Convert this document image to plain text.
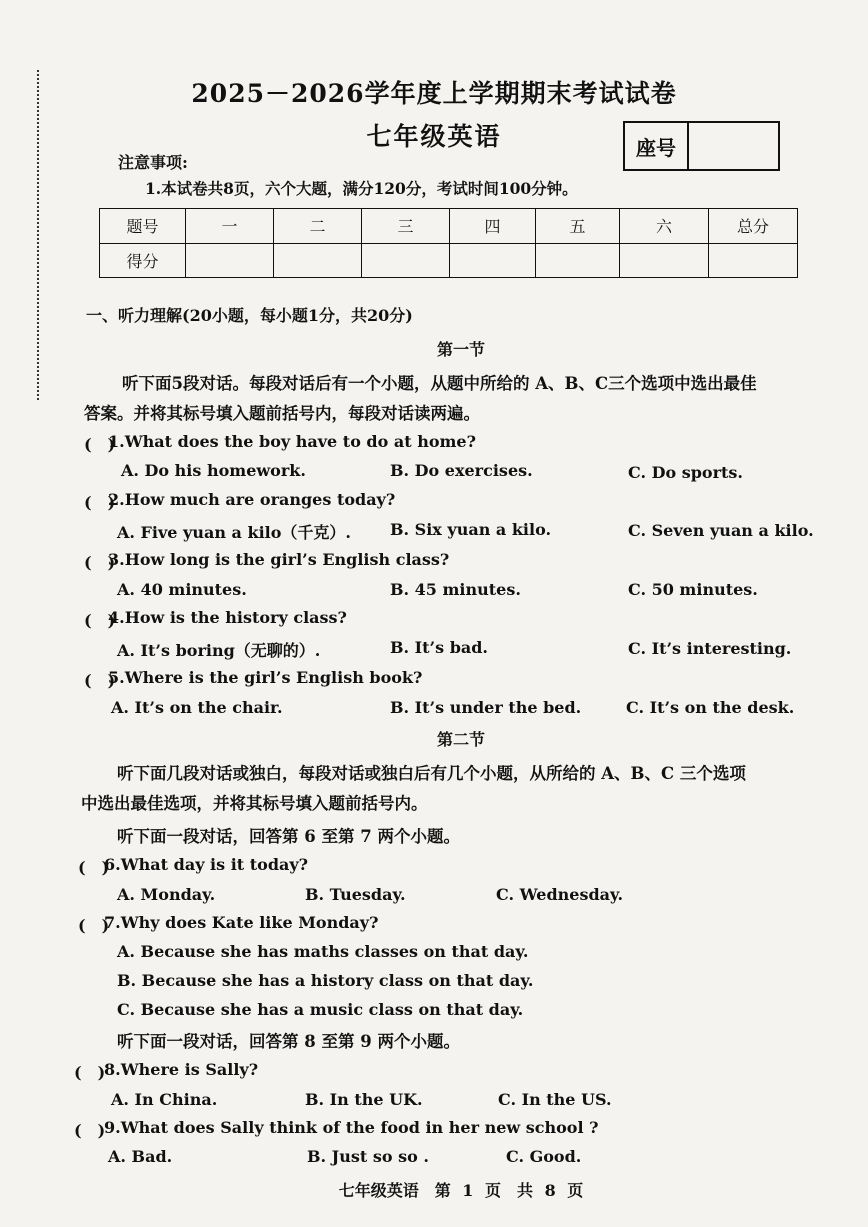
2025－2026学年度上学期期末考试试卷
七年级英语	座号
注意事项:
1.本试卷共8页，六个大题，满分120分，考试时间100分钟。
题号	一	二	三	四	五	六	总分
得分							
一、听力理解(20小题，每小题1分，共20分)
第一节
听下面5段对话。每段对话后有一个小题，从题中所给的 A、B、C三个选项中选出最佳
答案。并将其标号填入题前括号内，每段对话读两遍。
(　)
1.What does the boy have to do at home?
A. Do his homework.	B. Do exercises.	C. Do sports.
(　)
2.How much are oranges today?
A. Five yuan a kilo（千克）. B. Six yuan a kilo.	C. Seven yuan a kilo.
(　)
3.How long is the girl’s English class?
A. 40 minutes.	B. 45 minutes.	C. 50 minutes.
(　)
4.How is the history class?
A. It’s boring（无聊的）.	B. It’s bad.	C. It’s interesting.
(　)
5.Where is the girl’s English book?
A. It’s on the chair.	B. It’s under the bed.	C. It’s on the desk.
第二节
听下面几段对话或独白，每段对话或独白后有几个小题，从所给的 A、B、C 三个选项
中选出最佳选项，并将其标号填入题前括号内。
听下面一段对话，回答第 6 至第 7 两个小题。
(　)
6.What day is it today?
A. Monday.	B. Tuesday.	C. Wednesday.
(　)
7.Why does Kate like Monday?
A. Because she has maths classes on that day.
B. Because she has a history class on that day.
C. Because she has a music class on that day.
听下面一段对话，回答第 8 至第 9 两个小题。
(　)
8.Where is Sally?
A. In China.	B. In the UK.	C. In the US.
(　)
9.What does Sally think of the food in her new school ?
A. Bad.	B. Just so so .	C. Good.
七年级英语　第 1 页　共 8 页
